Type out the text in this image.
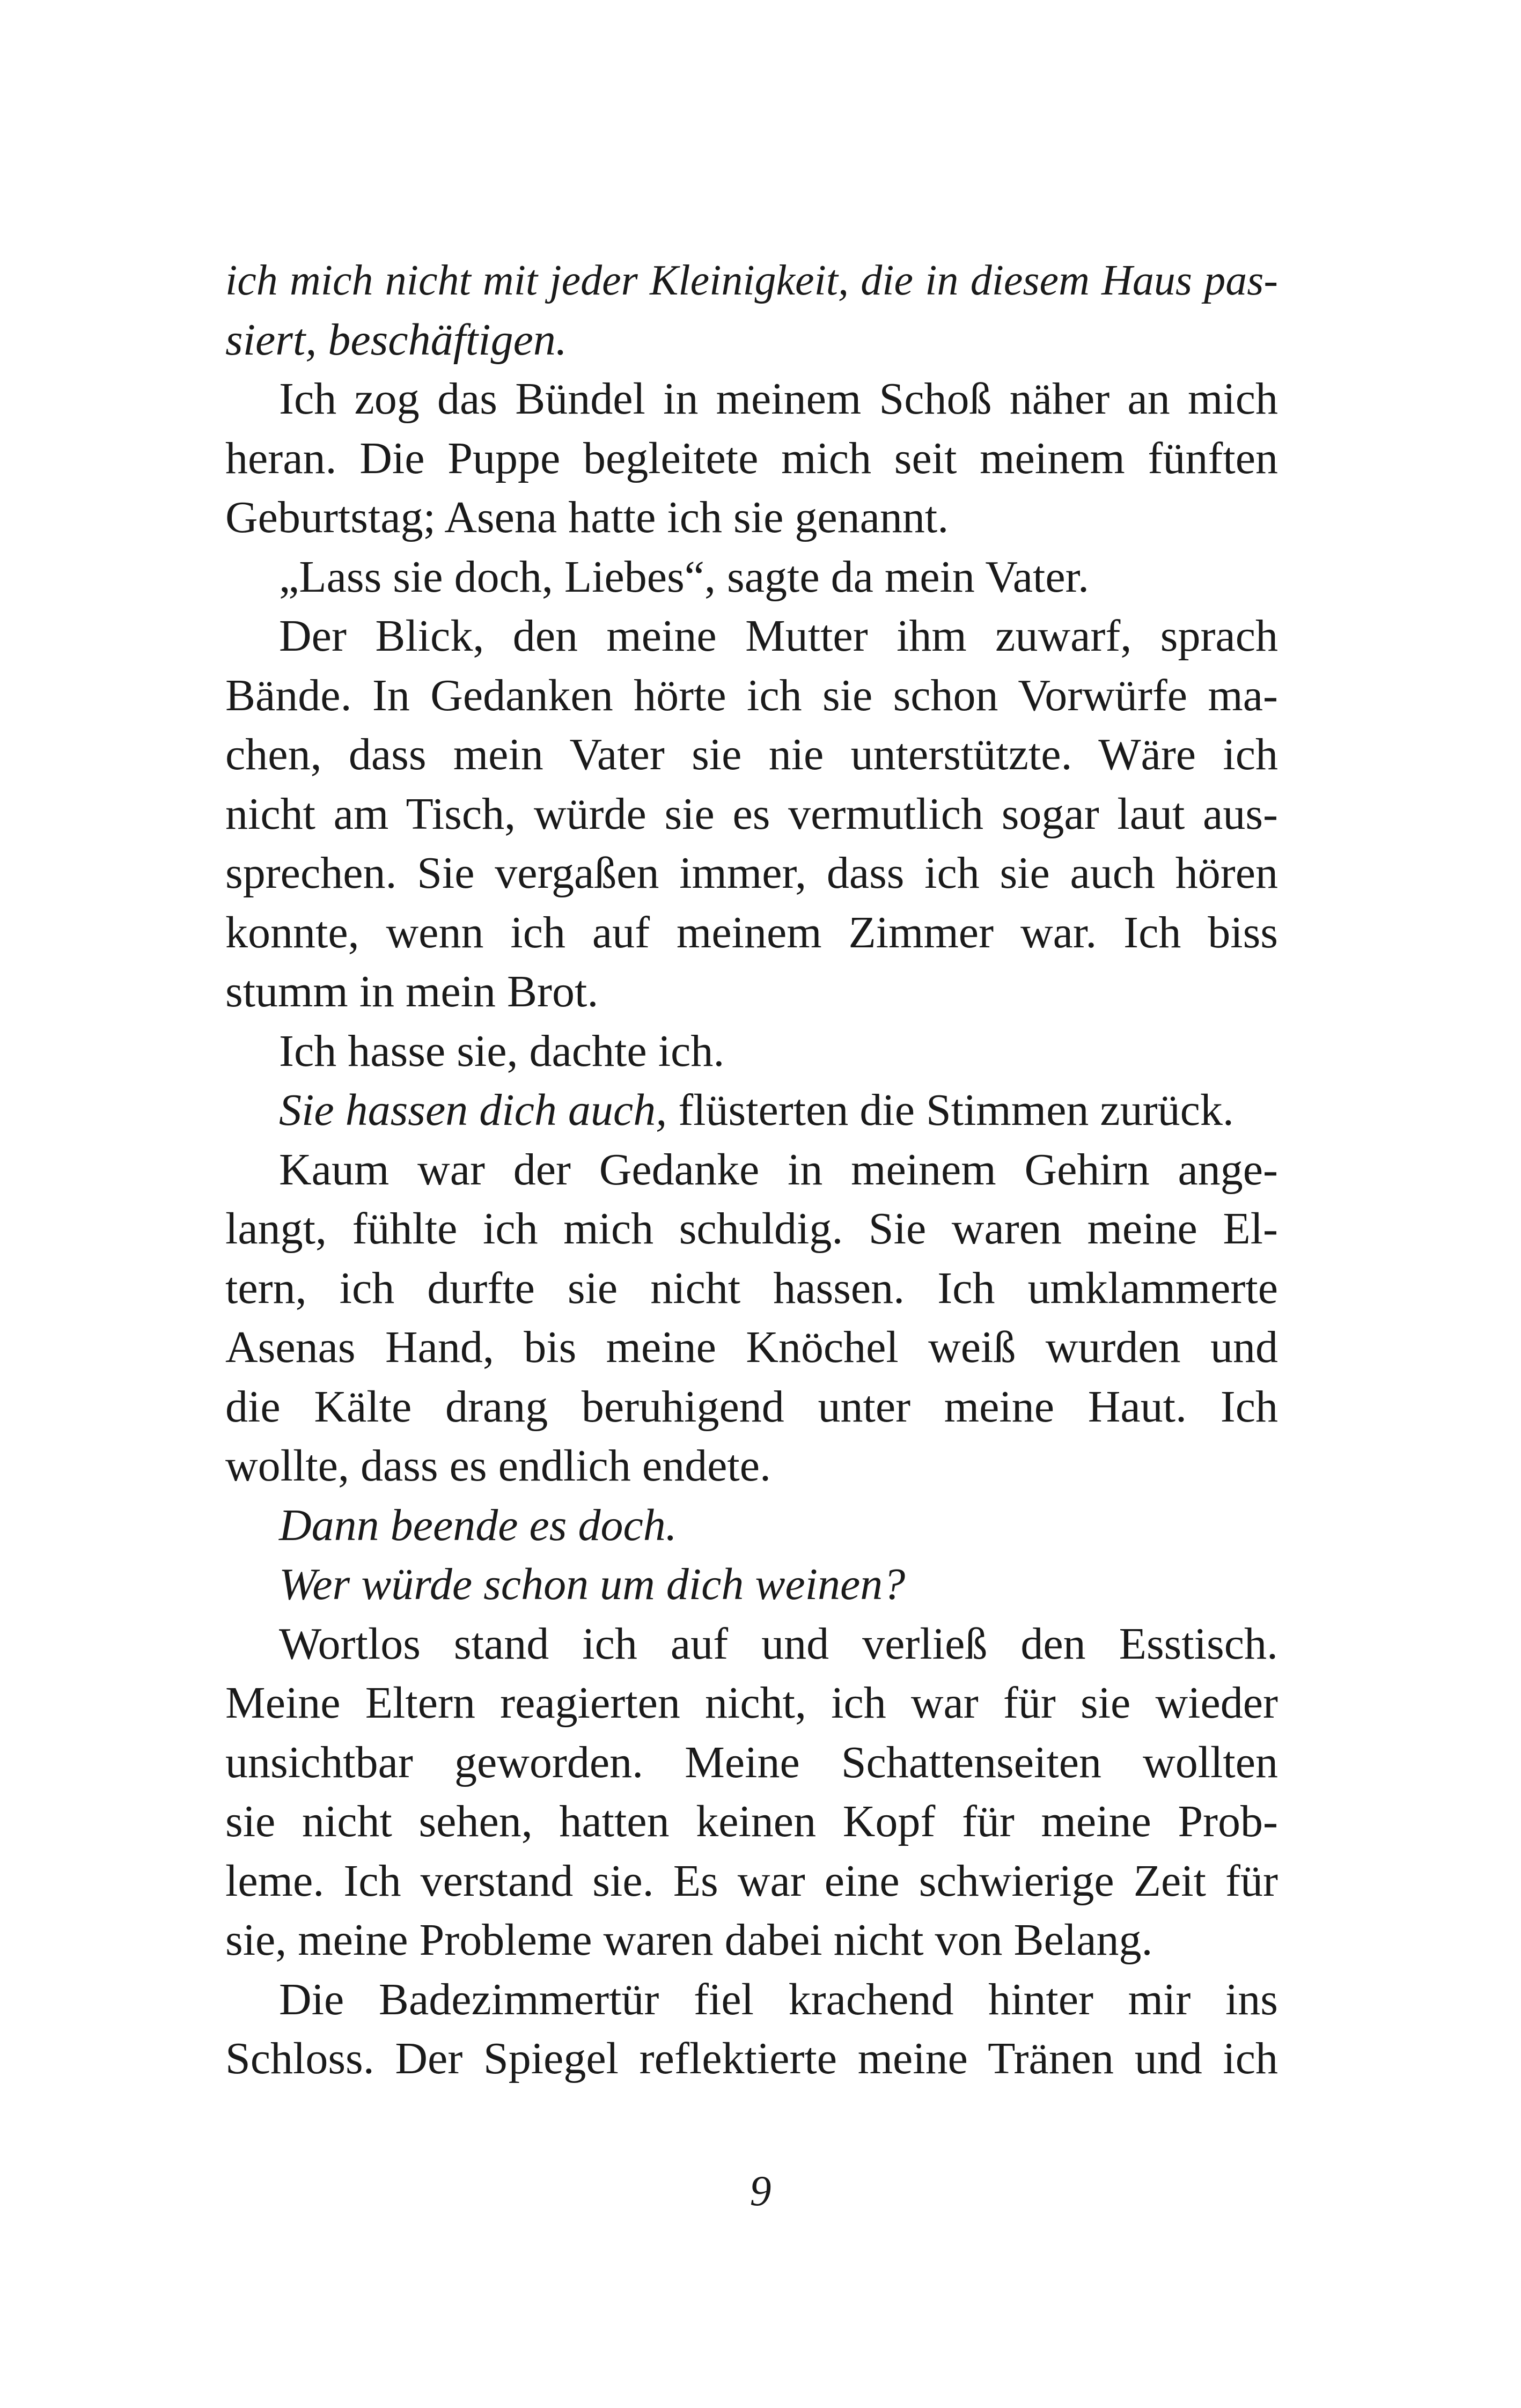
ich mich nicht mit jeder Kleinigkeit, die in diesem Haus pas-
siert, beschäftigen.
Ich zog das Bündel in meinem Schoß näher an mich
heran. Die Puppe begleitete mich seit meinem fünften
Geburtstag; Asena hatte ich sie genannt.
„Lass sie doch, Liebes“, sagte da mein Vater.
Der Blick, den meine Mutter ihm zuwarf, sprach
Bände. In Gedanken hörte ich sie schon Vorwürfe ma-
chen, dass mein Vater sie nie unterstützte. Wäre ich
nicht am Tisch, würde sie es vermutlich sogar laut aus-
sprechen. Sie vergaßen immer, dass ich sie auch hören
konnte, wenn ich auf meinem Zimmer war. Ich biss
stumm in mein Brot.
Ich hasse sie, dachte ich.
Sie hassen dich auch, flüsterten die Stimmen zurück.
Kaum war der Gedanke in meinem Gehirn ange-
langt, fühlte ich mich schuldig. Sie waren meine El-
tern, ich durfte sie nicht hassen. Ich umklammerte
Asenas Hand, bis meine Knöchel weiß wurden und
die Kälte drang beruhigend unter meine Haut. Ich
wollte, dass es endlich endete.
Dann beende es doch.
Wer würde schon um dich weinen?
Wortlos stand ich auf und verließ den Esstisch.
Meine Eltern reagierten nicht, ich war für sie wieder
unsichtbar geworden. Meine Schattenseiten wollten
sie nicht sehen, hatten keinen Kopf für meine Prob-
leme. Ich verstand sie. Es war eine schwierige Zeit für
sie, meine Probleme waren dabei nicht von Belang.
Die Badezimmertür fiel krachend hinter mir ins
Schloss. Der Spiegel reflektierte meine Tränen und ich
9
